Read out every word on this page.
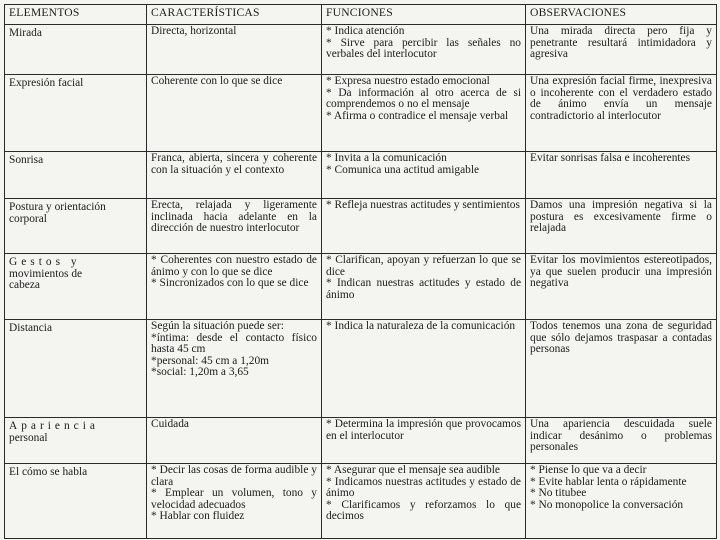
ELEMENTOS	CARACTERÍSTICAS	FUNCIONES	OBSERVACIONES

Mirada	Directa, horizontal	* Indica atención
* Sirve para percibir las señales no verbales del interlocutor	Una mirada directa pero fija y penetrante resultará intimidadora y agresiva

Expresión facial	Coherente con lo que se dice	* Expresa nuestro estado emocional
* Da información al otro acerca de si comprendemos o no el mensaje
* Afirma o contradice el mensaje verbal	Una expresión facial firme, inexpresiva o incoherente con el verdadero estado de ánimo envía un mensaje contradictorio al interlocutor

Sonrisa	Franca, abierta, sincera y coherente con la situación y el contexto	* Invita a la comunicación
* Comunica una actitud amigable	Evitar sonrisas falsa e incoherentes

Postura y orientación corporal	Erecta, relajada y ligeramente inclinada hacia adelante en la dirección de nuestro interlocutor	* Refleja nuestras actitudes y sentimientos	Damos una impresión negativa si la postura es excesivamente firme o relajada

Gestos y
movimientos de
cabeza	* Coherentes con nuestro estado de ánimo y con lo que se dice
* Sincronizados con lo que se dice	* Clarifican, apoyan y refuerzan lo que se dice
* Indican nuestras actitudes y estado de ánimo	Evitar los movimientos estereotipados, ya que suelen producir una impresión negativa

Distancia	Según la situación puede ser:
*íntima: desde el contacto físico hasta 45 cm
*personal: 45 cm a 1,20m
*social: 1,20m a 3,65	* Indica la naturaleza de la comunicación	Todos tenemos una zona de seguridad que sólo dejamos traspasar a contadas personas

Apariencia
personal	Cuidada	* Determina la impresión que provocamos en el interlocutor	Una apariencia descuidada suele indicar desánimo o problemas personales

El cómo se habla	* Decir las cosas de forma audible y clara
* Emplear un volumen, tono y velocidad adecuados
* Hablar con fluidez	* Asegurar que el mensaje sea audible
* Indicamos nuestras actitudes y estado de ánimo
* Clarificamos y reforzamos lo que decimos	* Piense lo que va a decir
* Evite hablar lenta o rápidamente
* No titubee
* No monopolice la conversación
